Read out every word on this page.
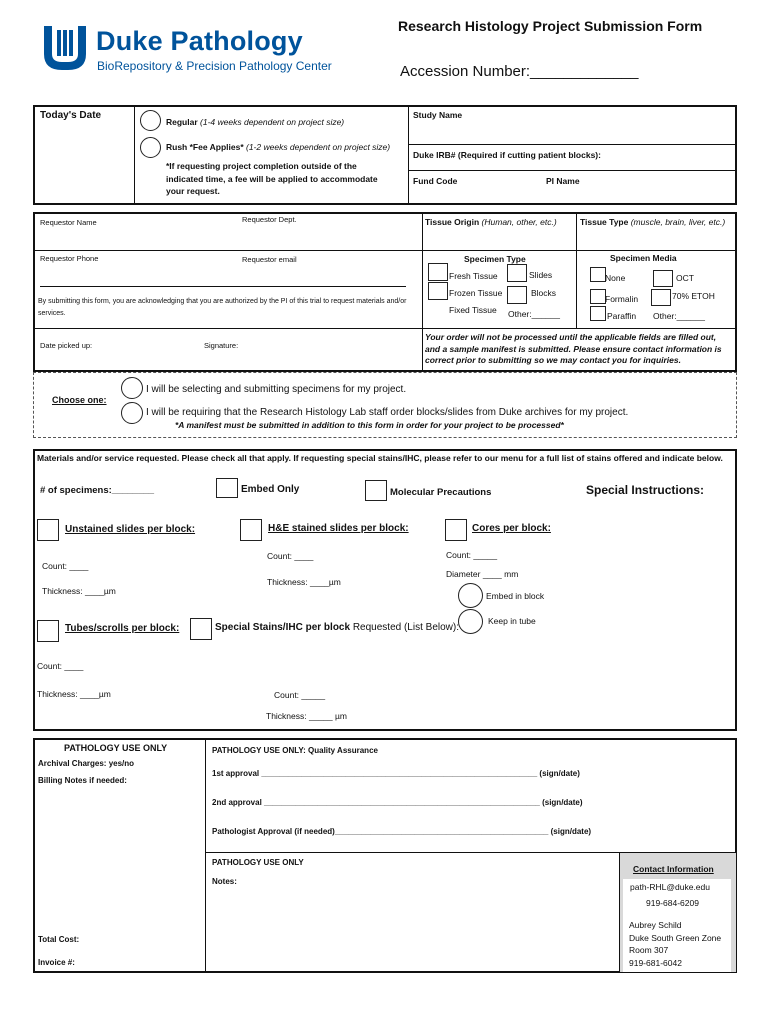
Duke Pathology
BioRepository & Precision Pathology Center
Research Histology Project Submission Form
Accession Number:_____________
Today's Date
Regular (1-4 weeks dependent on project size)
Rush *Fee Applies* (1-2 weeks dependent on project size)
*If requesting project completion outside of the indicated time, a fee will be applied to accommodate your request.
Study Name
Duke IRB# (Required if cutting patient blocks):
Fund Code	PI Name
Requestor Name	Requestor Dept.
Requestor Phone	Requestor email
By submitting this form, you are acknowledging that you are authorized by the PI of this trial to request materials and/or services.
Date picked up:	Signature:
Tissue Origin (Human, other, etc.)	Tissue Type (muscle, brain, liver, etc.)
Specimen Type
Fresh Tissue
Frozen Tissue
Fixed Tissue
Slides
Blocks
Other:______
Specimen Media
None	OCT
Formalin	70% ETOH
Paraffin Other:______
Your order will not be processed until the applicable fields are filled out, and a sample manifest is submitted. Please ensure contact information is correct prior to submitting so we may contact you for inquiries.
Choose one:
I will be selecting and submitting specimens for my project.
I will be requiring that the Research Histology Lab staff order blocks/slides from Duke archives for my project.
*A manifest must be submitted in addition to this form in order for your project to be processed*
Materials and/or service requested. Please check all that apply. If requesting special stains/IHC, please refer to our menu for a full list of stains offered and indicate below.
# of specimens:________	Embed Only	Molecular Precautions	Special Instructions:
Unstained slides per block:	H&E stained slides per block:	Cores per block:
Count: ____
Thickness: ____µm
Count: ____
Thickness: ____µm
Count: _____
Diameter ____ mm
Embed in block
Keep in tube
Tubes/scrolls per block:	Special Stains/IHC per block Requested (List Below):
Count: ____
Thickness: ____µm	Count: _____
Thickness: _____ µm
PATHOLOGY USE ONLY
Archival Charges: yes/no
Billing Notes if needed:
PATHOLOGY USE ONLY: Quality Assurance
1st approval ______________________________________________________________ (sign/date)
2nd approval ______________________________________________________________ (sign/date)
Pathologist Approval (if needed)________________________________________________ (sign/date)
PATHOLOGY USE ONLY
Notes:
Total Cost:
Invoice #:
Contact Information
path-RHL@duke.edu
919-684-6209
Aubrey Schild
Duke South Green Zone
Room 307
919-681-6042
